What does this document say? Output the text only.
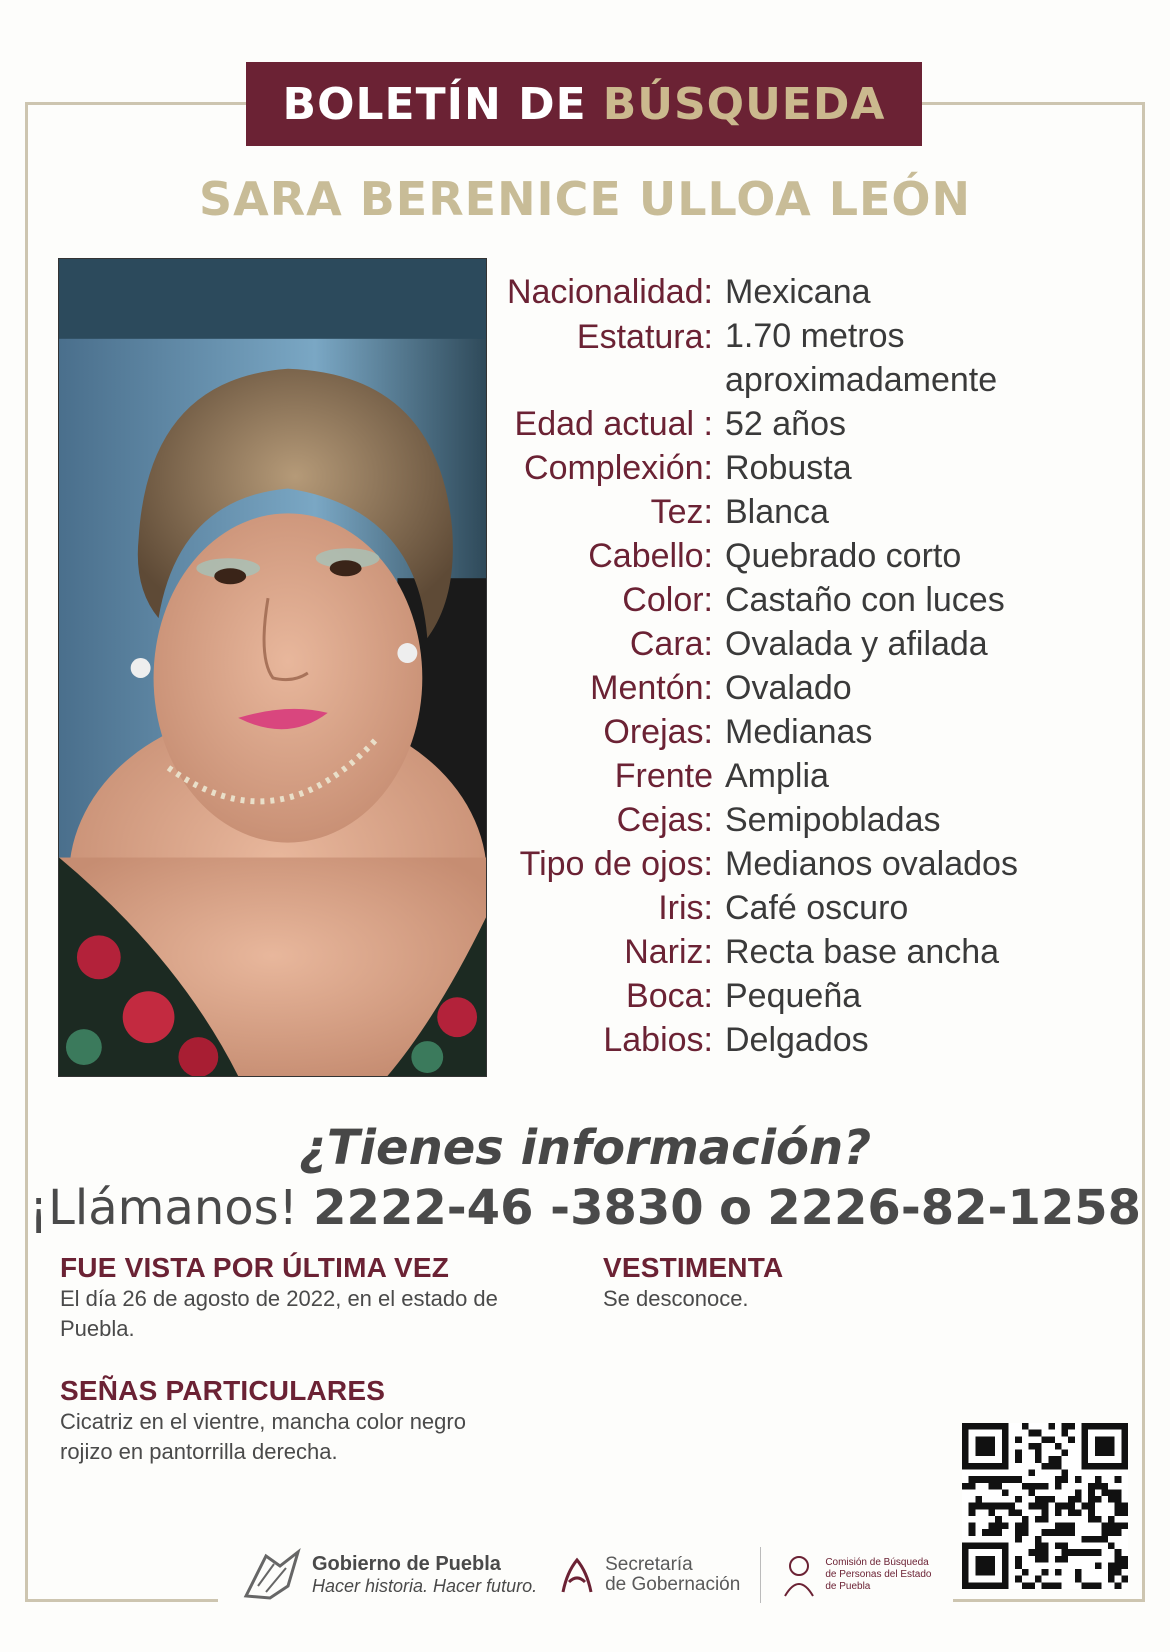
BOLETÍN DE BÚSQUEDA
SARA BERENICE ULLOA LEÓN
Nacionalidad: Mexicana
Estatura: 1.70 metros aproximadamente
Edad actual : 52 años
Complexión: Robusta
Tez: Blanca
Cabello: Quebrado corto
Color: Castaño con luces
Cara: Ovalada y afilada
Mentón: Ovalado
Orejas: Medianas
Frente Amplia
Cejas: Semipobladas
Tipo de ojos: Medianos ovalados
Iris: Café oscuro
Nariz: Recta base ancha
Boca: Pequeña
Labios: Delgados
¿Tienes información?
¡Llámanos! 2222-46 -3830 o 2226-82-1258
FUE VISTA POR ÚLTIMA VEZ

El día 26 de agosto de 2022, en el estado de Puebla.

VESTIMENTA

Se desconoce.

SEÑAS PARTICULARES

Cicatriz en el vientre, mancha color negro rojizo en pantorrilla derecha.

Gobierno de Puebla
Hacer historia. Hacer futuro.
Secretaría
de Gobernación
Comisión de Búsqueda
de Personas del Estado
de Puebla
